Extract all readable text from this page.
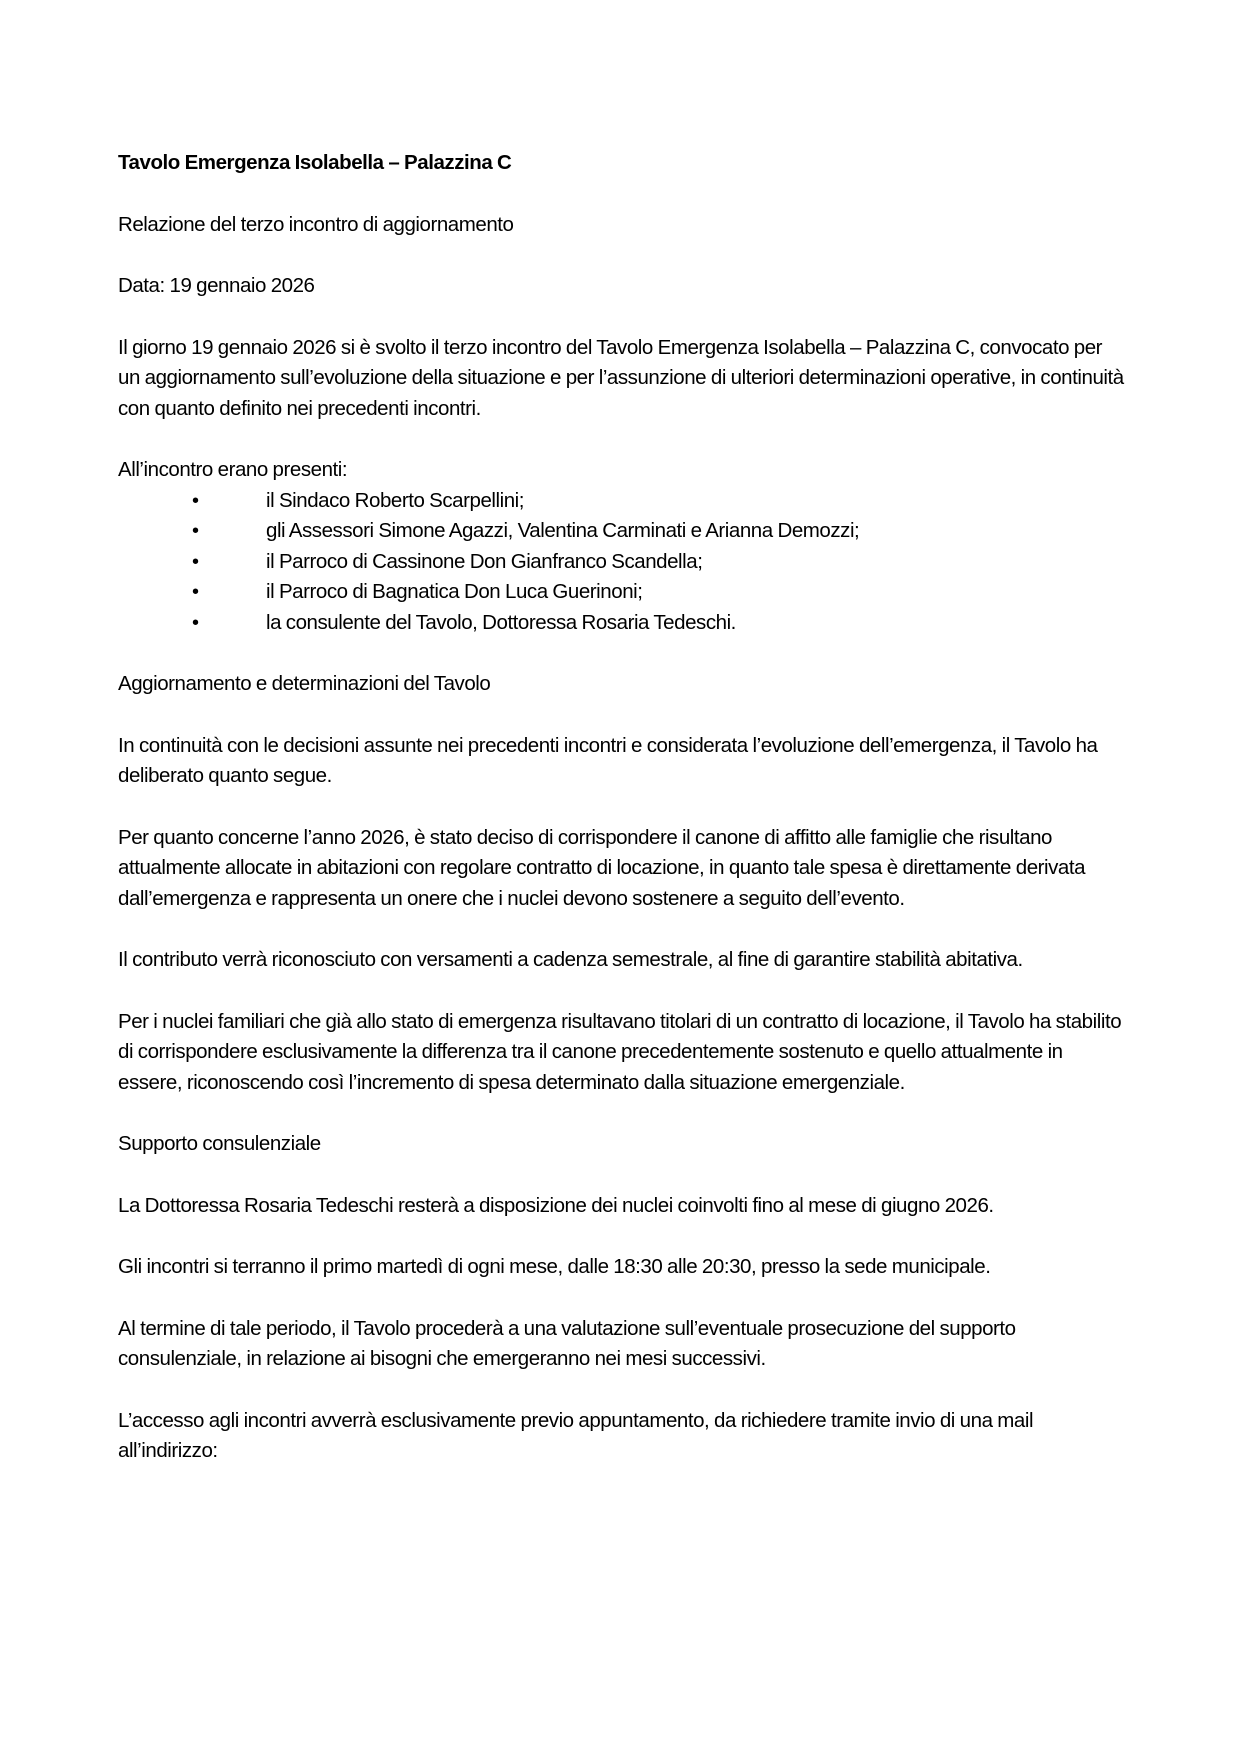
Tavolo Emergenza Isolabella – Palazzina C

Relazione del terzo incontro di aggiornamento

Data: 19 gennaio 2026

Il giorno 19 gennaio 2026 si è svolto il terzo incontro del Tavolo Emergenza Isolabella – Palazzina C, convocato per un aggiornamento sull’evoluzione della situazione e per l’assunzione di ulteriori determinazioni operative, in continuità con quanto definito nei precedenti incontri.

All’incontro erano presenti:

•	il Sindaco Roberto Scarpellini;
•	gli Assessori Simone Agazzi, Valentina Carminati e Arianna Demozzi;
•	il Parroco di Cassinone Don Gianfranco Scandella;
•	il Parroco di Bagnatica Don Luca Guerinoni;
•	la consulente del Tavolo, Dottoressa Rosaria Tedeschi.

Aggiornamento e determinazioni del Tavolo

In continuità con le decisioni assunte nei precedenti incontri e considerata l’evoluzione dell’emergenza, il Tavolo ha deliberato quanto segue.

Per quanto concerne l’anno 2026, è stato deciso di corrispondere il canone di affitto alle famiglie che risultano attualmente allocate in abitazioni con regolare contratto di locazione, in quanto tale spesa è direttamente derivata dall’emergenza e rappresenta un onere che i nuclei devono sostenere a seguito dell’evento.

Il contributo verrà riconosciuto con versamenti a cadenza semestrale, al fine di garantire stabilità abitativa.

Per i nuclei familiari che già allo stato di emergenza risultavano titolari di un contratto di locazione, il Tavolo ha stabilito di corrispondere esclusivamente la differenza tra il canone precedentemente sostenuto e quello attualmente in essere, riconoscendo così l’incremento di spesa determinato dalla situazione emergenziale.

Supporto consulenziale

La Dottoressa Rosaria Tedeschi resterà a disposizione dei nuclei coinvolti fino al mese di giugno 2026.

Gli incontri si terranno il primo martedì di ogni mese, dalle 18:30 alle 20:30, presso la sede municipale.

Al termine di tale periodo, il Tavolo procederà a una valutazione sull’eventuale prosecuzione del supporto consulenziale, in relazione ai bisogni che emergeranno nei mesi successivi.

L’accesso agli incontri avverrà esclusivamente previo appuntamento, da richiedere tramite invio di una mail all’indirizzo:
